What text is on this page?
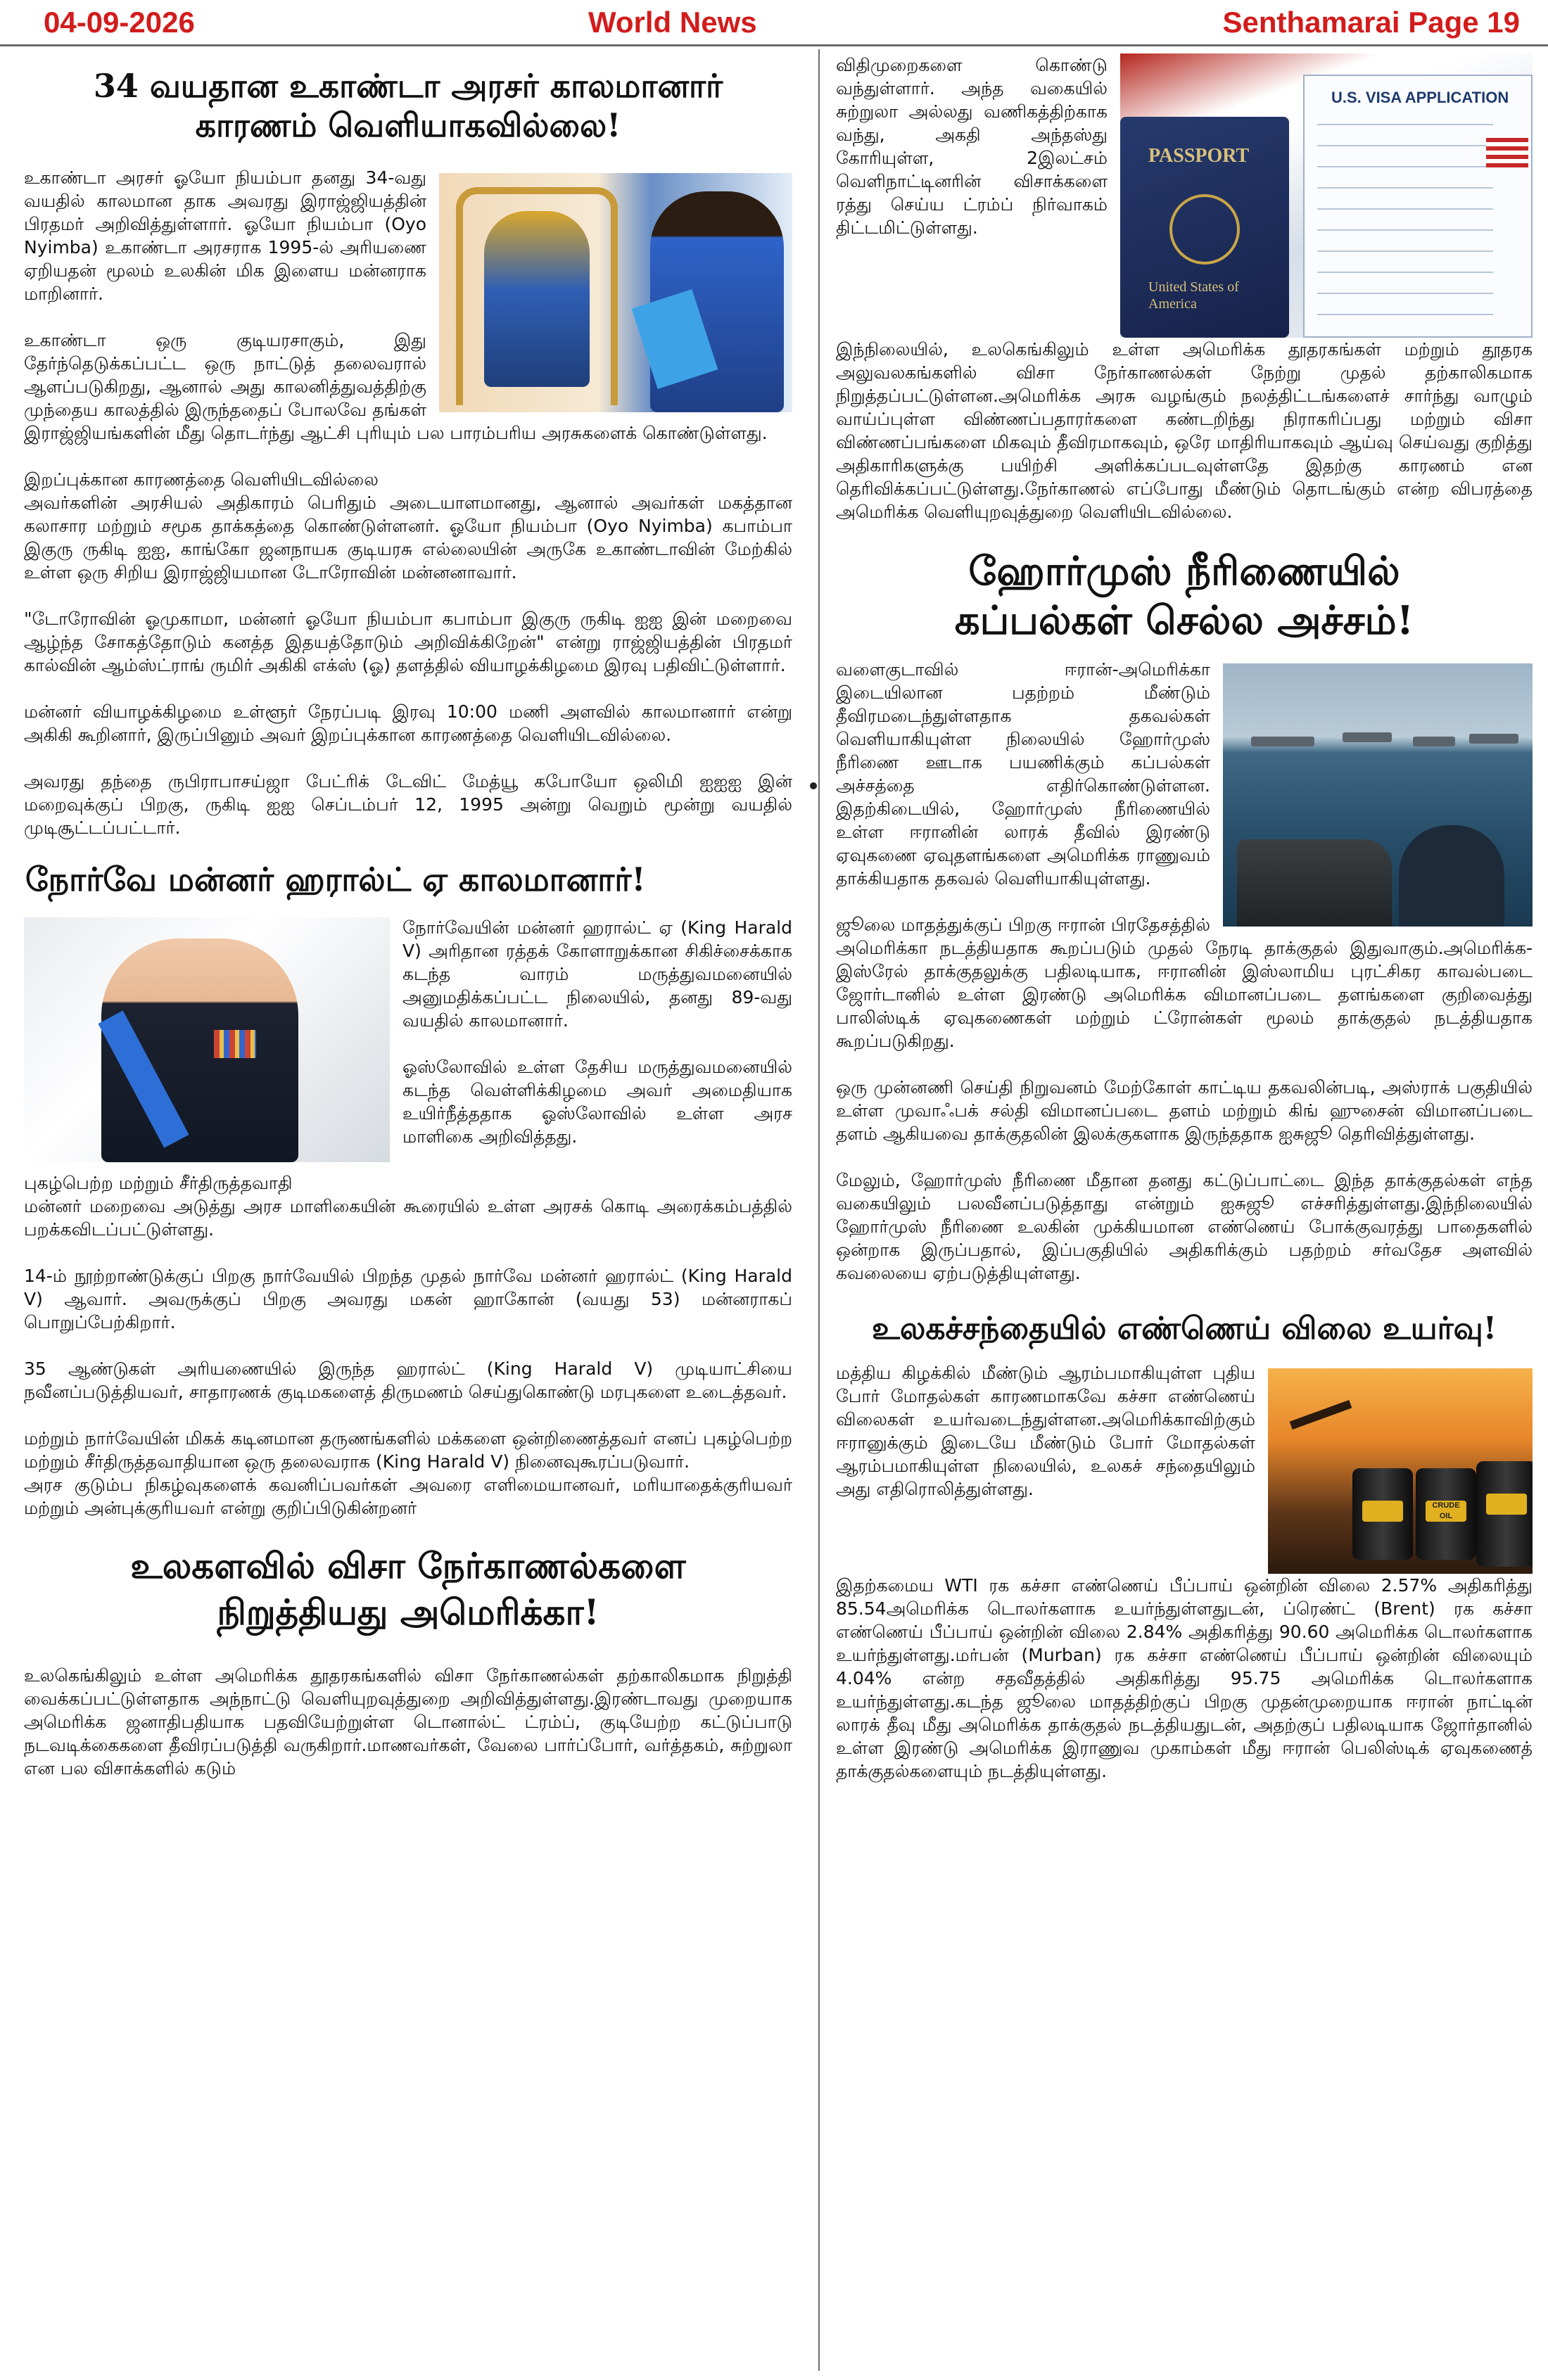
04-09-2026	World News	Senthamarai Page 19
34 வயதான உகாண்டா அரசர் காலமானார்
காரணம் வெளியாகவில்லை!

உகாண்டா அரசர் ஓயோ நியம்பா தனது 34-வது வயதில் காலமான தாக அவரது இராஜ்ஜியத்தின் பிரதமர் அறிவித்துள்ளார். ஓயோ நியம்பா (Oyo Nyimba) உகாண்டா அரசராக 1995-ல் அரியணை ஏறியதன் மூலம் உலகின் மிக இளைய மன்னராக மாறினார்.

உகாண்டா ஒரு குடியரசாகும், இது தேர்ந்தெடுக்கப்பட்ட ஒரு நாட்டுத் தலைவரால் ஆளப்படுகிறது, ஆனால் அது காலனித்துவத்திற்கு முந்தைய காலத்தில் இருந்ததைப் போலவே தங்கள் இராஜ்ஜியங்களின் மீது தொடர்ந்து ஆட்சி புரியும் பல பாரம்பரிய அரசுகளைக் கொண்டுள்ளது.

இறப்புக்கான காரணத்தை வெளியிடவில்லை

அவர்களின் அரசியல் அதிகாரம் பெரிதும் அடையாளமானது, ஆனால் அவர்கள் மகத்தான கலாசார மற்றும் சமூக தாக்கத்தை கொண்டுள்ளனர். ஓயோ நியம்பா (Oyo Nyimba) கபாம்பா இகுரு ருகிடி ஐஐ, காங்கோ ஜனநாயக குடியரசு எல்லையின் அருகே உகாண்டாவின் மேற்கில் உள்ள ஒரு சிறிய இராஜ்ஜியமான டோரோவின் மன்னனாவார்.

"டோரோவின் ஓமுகாமா, மன்னர் ஓயோ நியம்பா கபாம்பா இகுரு ருகிடி ஐஐ இன் மறைவை ஆழ்ந்த சோகத்தோடும் கனத்த இதயத்தோடும் அறிவிக்கிறேன்" என்று ராஜ்ஜியத்தின் பிரதமர் கால்வின் ஆம்ஸ்ட்ராங் ருமிர் அகிகி எக்ஸ் (ஓ) தளத்தில் வியாழக்கிழமை இரவு பதிவிட்டுள்ளார்.

மன்னர் வியாழக்கிழமை உள்ளூர் நேரப்படி இரவு 10:00 மணி அளவில் காலமானார் என்று அகிகி கூறினார், இருப்பினும் அவர் இறப்புக்கான காரணத்தை வெளியிடவில்லை.

அவரது தந்தை ருபிராபாசய்ஜா பேட்ரிக் டேவிட் மேத்யூ கபோயோ ஒலிமி ஐஐஐ இன் மறைவுக்குப் பிறகு, ருகிடி ஐஐ செப்டம்பர் 12, 1995 அன்று வெறும் மூன்று வயதில் முடிசூட்டப்பட்டார்.

நோர்வே மன்னர் ஹரால்ட் ஏ காலமானார்!

நோர்வேயின் மன்னர் ஹரால்ட் ஏ (King Harald V) அரிதான ரத்தக் கோளாறுக்கான சிகிச்சைக்காக கடந்த வாரம் மருத்துவமனையில் அனுமதிக்கப்பட்ட நிலையில், தனது 89-வது வயதில் காலமானார்.

ஓஸ்லோவில் உள்ள தேசிய மருத்துவமனையில் கடந்த வெள்ளிக்கிழமை அவர் அமைதியாக உயிர்நீத்ததாக ஓஸ்லோவில் உள்ள அரச மாளிகை அறிவித்தது.

புகழ்பெற்ற மற்றும் சீர்திருத்தவாதி

மன்னர் மறைவை அடுத்து அரச மாளிகையின் கூரையில் உள்ள அரசக் கொடி அரைக்கம்பத்தில் பறக்கவிடப்பட்டுள்ளது.

14-ம் நூற்றாண்டுக்குப் பிறகு நார்வேயில் பிறந்த முதல் நார்வே மன்னர் ஹரால்ட் (King Harald V) ஆவார். அவருக்குப் பிறகு அவரது மகன் ஹாகோன் (வயது 53) மன்னராகப் பொறுப்பேற்கிறார்.

35 ஆண்டுகள் அரியணையில் இருந்த ஹரால்ட் (King Harald V) முடியாட்சியை நவீனப்படுத்தியவர், சாதாரணக் குடிமகளைத் திருமணம் செய்துகொண்டு மரபுகளை உடைத்தவர்.

மற்றும் நார்வேயின் மிகக் கடினமான தருணங்களில் மக்களை ஒன்றிணைத்தவர் எனப் புகழ்பெற்ற மற்றும் சீர்திருத்தவாதியான ஒரு தலைவராக (King Harald V) நினைவுகூரப்படுவார்.

அரச குடும்ப நிகழ்வுகளைக் கவனிப்பவர்கள் அவரை எளிமையானவர், மரியாதைக்குரியவர் மற்றும் அன்புக்குரியவர் என்று குறிப்பிடுகின்றனர்

உலகளவில் விசா நேர்காணல்களை
நிறுத்தியது அமெரிக்கா!

உலகெங்கிலும் உள்ள அமெரிக்க தூதரகங்களில் விசா நேர்காணல்கள் தற்காலிகமாக நிறுத்தி வைக்கப்பட்டுள்ளதாக அந்நாட்டு வெளியுறவுத்துறை அறிவித்துள்ளது.இரண்டாவது முறையாக அமெரிக்க ஜனாதிபதியாக பதவியேற்றுள்ள டொனால்ட் ட்ரம்ப், குடியேற்ற கட்டுப்பாடு நடவடிக்கைகளை தீவிரப்படுத்தி வருகிறார்.மாணவர்கள், வேலை பார்ப்போர், வர்த்தகம், சுற்றுலா என பல விசாக்களில் கடும்

PASSPORT
United States of America
U.S. VISA APPLICATION

விதிமுறைகளை கொண்டு வந்துள்ளார். அந்த வகையில் சுற்றுலா அல்லது வணிகத்திற்காக வந்து, அகதி அந்தஸ்து கோரியுள்ள, 2இலட்சம் வெளிநாட்டினரின் விசாக்களை ரத்து செய்ய ட்ரம்ப் நிர்வாகம் திட்டமிட்டுள்ளது.

இந்நிலையில், உலகெங்கிலும் உள்ள அமெரிக்க தூதரகங்கள் மற்றும் தூதரக அலுவலகங்களில் விசா நேர்காணல்கள் நேற்று முதல் தற்காலிகமாக நிறுத்தப்பட்டுள்ளன.அமெரிக்க அரசு வழங்கும் நலத்திட்டங்களைச் சார்ந்து வாழும் வாய்ப்புள்ள விண்ணப்பதாரர்களை கண்டறிந்து நிராகரிப்பது மற்றும் விசா விண்ணப்பங்களை மிகவும் தீவிரமாகவும், ஒரே மாதிரியாகவும் ஆய்வு செய்வது குறித்து அதிகாரிகளுக்கு பயிற்சி அளிக்கப்படவுள்ளதே இதற்கு காரணம் என தெரிவிக்கப்பட்டுள்ளது.நேர்காணல் எப்போது மீண்டும் தொடங்கும் என்ற விபரத்தை அமெரிக்க வெளியுறவுத்துறை வெளியிடவில்லை.

ஹோர்முஸ் நீரிணையில்
கப்பல்கள் செல்ல அச்சம்!

வளைகுடாவில் ஈரான்-அமெரிக்கா இடையிலான பதற்றம் மீண்டும் தீவிரமடைந்துள்ளதாக தகவல்கள் வெளியாகியுள்ள நிலையில் ஹோர்முஸ் நீரிணை ஊடாக பயணிக்கும் கப்பல்கள் அச்சத்தை எதிர்கொண்டுள்ளன. இதற்கிடையில், ஹோர்முஸ் நீரிணையில் உள்ள ஈரானின் லாரக் தீவில் இரண்டு ஏவுகணை ஏவுதளங்களை அமெரிக்க ராணுவம் தாக்கியதாக தகவல் வெளியாகியுள்ளது.

ஜூலை மாதத்துக்குப் பிறகு ஈரான் பிரதேசத்தில் அமெரிக்கா நடத்தியதாக கூறப்படும் முதல் நேரடி தாக்குதல் இதுவாகும்.அமெரிக்க-இஸ்ரேல் தாக்குதலுக்கு பதிலடியாக, ஈரானின் இஸ்லாமிய புரட்சிகர காவல்படை ஜோர்டானில் உள்ள இரண்டு அமெரிக்க விமானப்படை தளங்களை குறிவைத்து பாலிஸ்டிக் ஏவுகணைகள் மற்றும் ட்ரோன்கள் மூலம் தாக்குதல் நடத்தியதாக கூறப்படுகிறது.

ஒரு முன்னணி செய்தி நிறுவனம் மேற்கோள் காட்டிய தகவலின்படி, அஸ்ராக் பகுதியில் உள்ள முவாஃபக் சல்தி விமானப்படை தளம் மற்றும் கிங் ஹுசைன் விமானப்படை தளம் ஆகியவை தாக்குதலின் இலக்குகளாக இருந்ததாக ஐசுஜூ தெரிவித்துள்ளது.

மேலும், ஹோர்முஸ் நீரிணை மீதான தனது கட்டுப்பாட்டை இந்த தாக்குதல்கள் எந்த வகையிலும் பலவீனப்படுத்தாது என்றும் ஐசுஜூ எச்சரித்துள்ளது.இந்நிலையில் ஹோர்முஸ் நீரிணை உலகின் முக்கியமான எண்ணெய் போக்குவரத்து பாதைகளில் ஒன்றாக இருப்பதால், இப்பகுதியில் அதிகரிக்கும் பதற்றம் சர்வதேச அளவில் கவலையை ஏற்படுத்தியுள்ளது.

உலகச்சந்தையில் எண்ணெய் விலை உயர்வு!
CRUDE OIL

மத்திய கிழக்கில் மீண்டும் ஆரம்பமாகியுள்ள புதிய போர் மோதல்கள் காரணமாகவே கச்சா எண்ணெய் விலைகள் உயர்வடைந்துள்ளன.அமெரிக்காவிற்கும் ஈரானுக்கும் இடையே மீண்டும் போர் மோதல்கள் ஆரம்பமாகியுள்ள நிலையில், உலகச் சந்தையிலும் அது எதிரொலித்துள்ளது.

இதற்கமைய WTI ரக கச்சா எண்ணெய் பீப்பாய் ஒன்றின் விலை 2.57% அதிகரித்து 85.54அமெரிக்க டொலர்களாக உயர்ந்துள்ளதுடன், ப்ரெண்ட் (Brent) ரக கச்சா எண்ணெய் பீப்பாய் ஒன்றின் விலை 2.84% அதிகரித்து 90.60 அமெரிக்க டொலர்களாக உயர்ந்துள்ளது.மர்பன் (Murban) ரக கச்சா எண்ணெய் பீப்பாய் ஒன்றின் விலையும் 4.04% என்ற சதவீதத்தில் அதிகரித்து 95.75 அமெரிக்க டொலர்களாக உயர்ந்துள்ளது.கடந்த ஜூலை மாதத்திற்குப் பிறகு முதன்முறையாக ஈரான் நாட்டின் லாரக் தீவு மீது அமெரிக்க தாக்குதல் நடத்தியதுடன், அதற்குப் பதிலடியாக ஜோர்தானில் உள்ள இரண்டு அமெரிக்க இராணுவ முகாம்கள் மீது ஈரான் பெலிஸ்டிக் ஏவுகணைத் தாக்குதல்களையும் நடத்தியுள்ளது.
